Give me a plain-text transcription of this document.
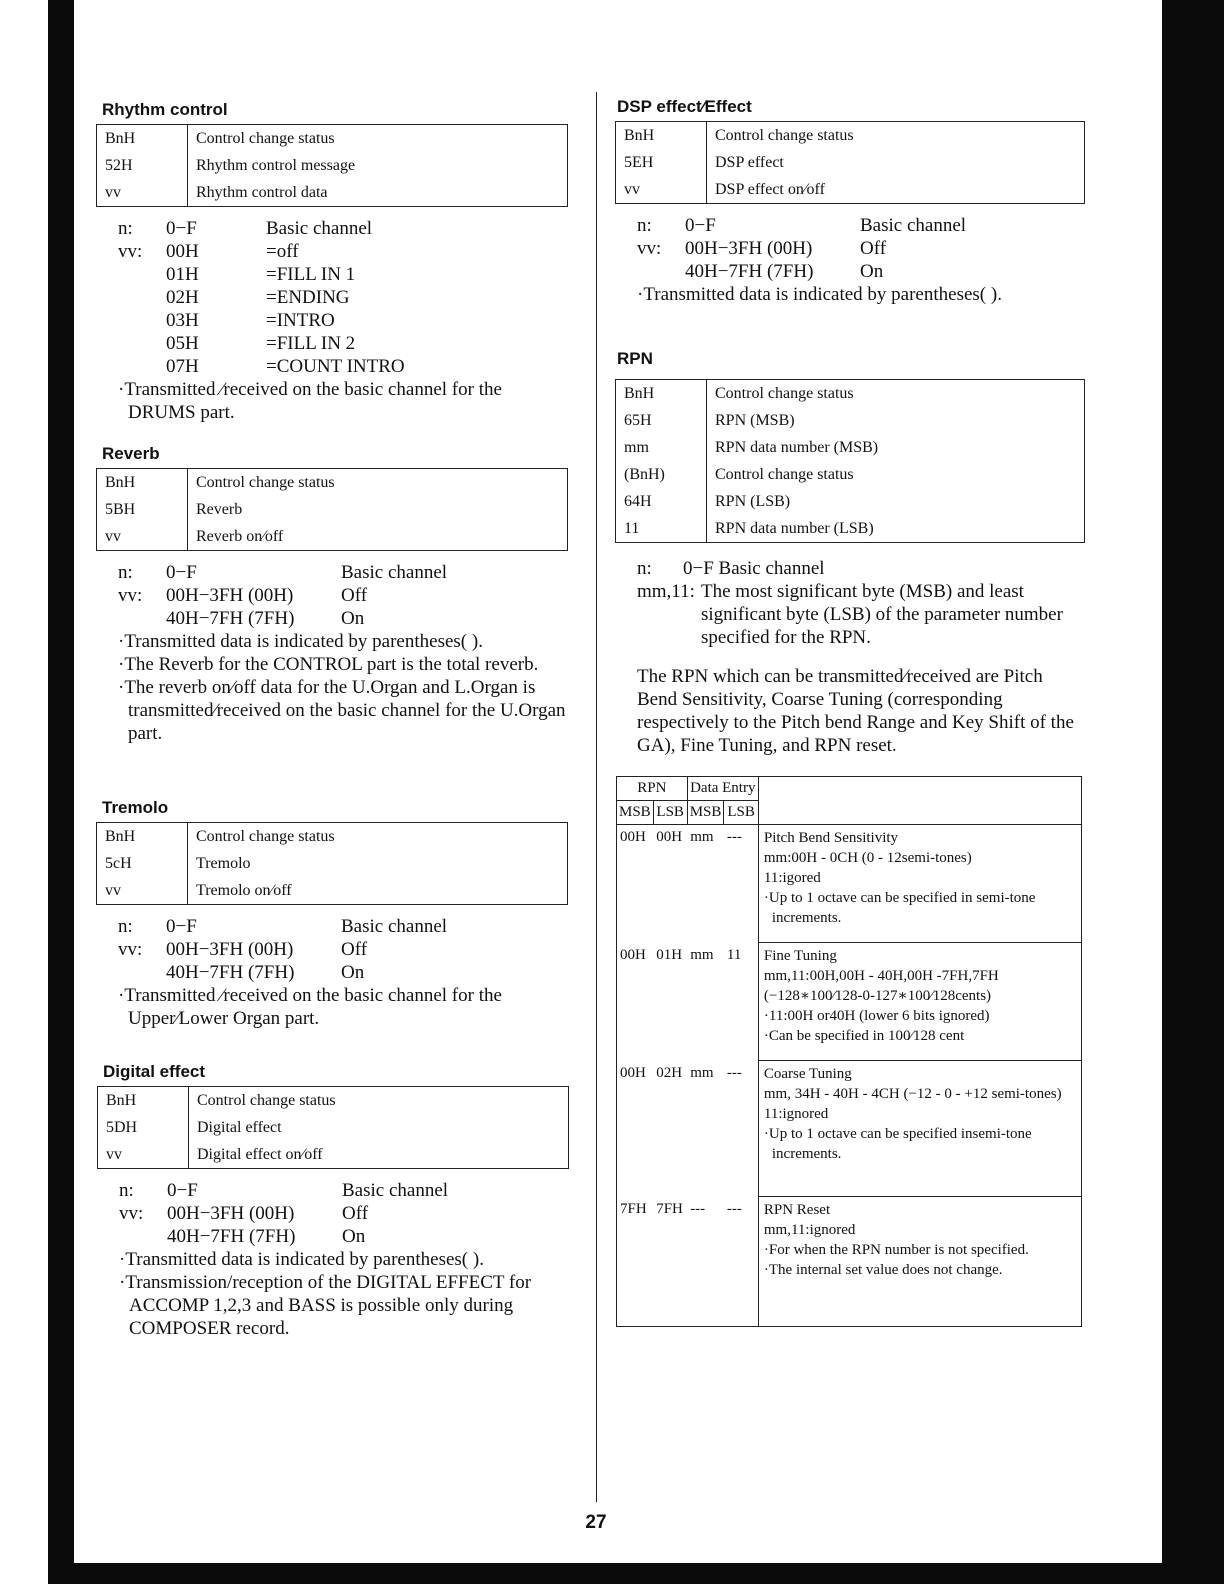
Rhythm control
BnH	Control change status
52H	Rhythm control message
vv	Rhythm control data
n:	0−F	Basic channel
vv:	00H	=off
01H	=FILL IN 1
02H	=ENDING
03H	=INTRO
05H	=FILL IN 2
07H	=COUNT INTRO
·Transmitted ∕received on the basic channel for the DRUMS part.
Reverb
BnH	Control change status
5BH	Reverb
vv	Reverb on∕off
n:	0−F	Basic channel
vv:	00H−3FH (00H)	Off
40H−7FH (7FH)	On
·Transmitted data is indicated by parentheses( ).
·The Reverb for the CONTROL part is the total reverb.
·The reverb on∕off data for the U.Organ and L.Organ is transmitted∕received on the basic channel for the U.Organ part.
Tremolo
BnH	Control change status
5cH	Tremolo
vv	Tremolo on∕off
n:	0−F	Basic channel
vv:	00H−3FH (00H)	Off
40H−7FH (7FH)	On
·Transmitted ∕received on the basic channel for the Upper∕Lower Organ part.
Digital effect
BnH	Control change status
5DH	Digital effect
vv	Digital effect on∕off
n:	0−F	Basic channel
vv:	00H−3FH (00H)	Off
40H−7FH (7FH)	On
·Transmitted data is indicated by parentheses( ).
·Transmission/reception of the DIGITAL EFFECT for ACCOMP 1,2,3 and BASS is possible only during COMPOSER record.
DSP effect∕Effect
BnH	Control change status
5EH	DSP effect
vv	DSP effect on∕off
n:	0−F	Basic channel
vv:	00H−3FH (00H)	Off
40H−7FH (7FH)	On
·Transmitted data is indicated by parentheses( ).
RPN
BnH	Control change status
65H	RPN (MSB)
mm	RPN data number (MSB)
(BnH)	Control change status
64H	RPN (LSB)
11	RPN data number (LSB)
n:	0−F Basic channel
mm,11: The most significant byte (MSB) and least significant byte (LSB) of the parameter number specified for the RPN.
The RPN which can be transmitted∕received are Pitch Bend Sensitivity, Coarse Tuning (corresponding respectively to the Pitch bend Range and Key Shift of the GA), Fine Tuning, and RPN reset.
RPN		Data Entry		
MSB	LSB	MSB	LSB	
00H	00H	mm	---	Pitch Bend Sensitivity
mm:00H - 0CH (0 - 12semi-tones)
11:igored
·Up to 1 octave can be specified in semi-tone increments.

00H	01H	mm	11	Fine Tuning
mm,11:00H,00H - 40H,00H -7FH,7FH
(−128∗100∕128-0-127∗100∕128cents)
·11:00H or40H (lower 6 bits ignored)
·Can be specified in 100∕128 cent

00H	02H	mm	---	Coarse Tuning
mm, 34H - 40H - 4CH (−12 - 0 - +12 semi-tones)
11:ignored
·Up to 1 octave can be specified insemi-tone increments.

7FH	7FH	---	---	RPN Reset
mm,11:ignored
·For when the RPN number is not specified.
·The internal set value does not change.
27
